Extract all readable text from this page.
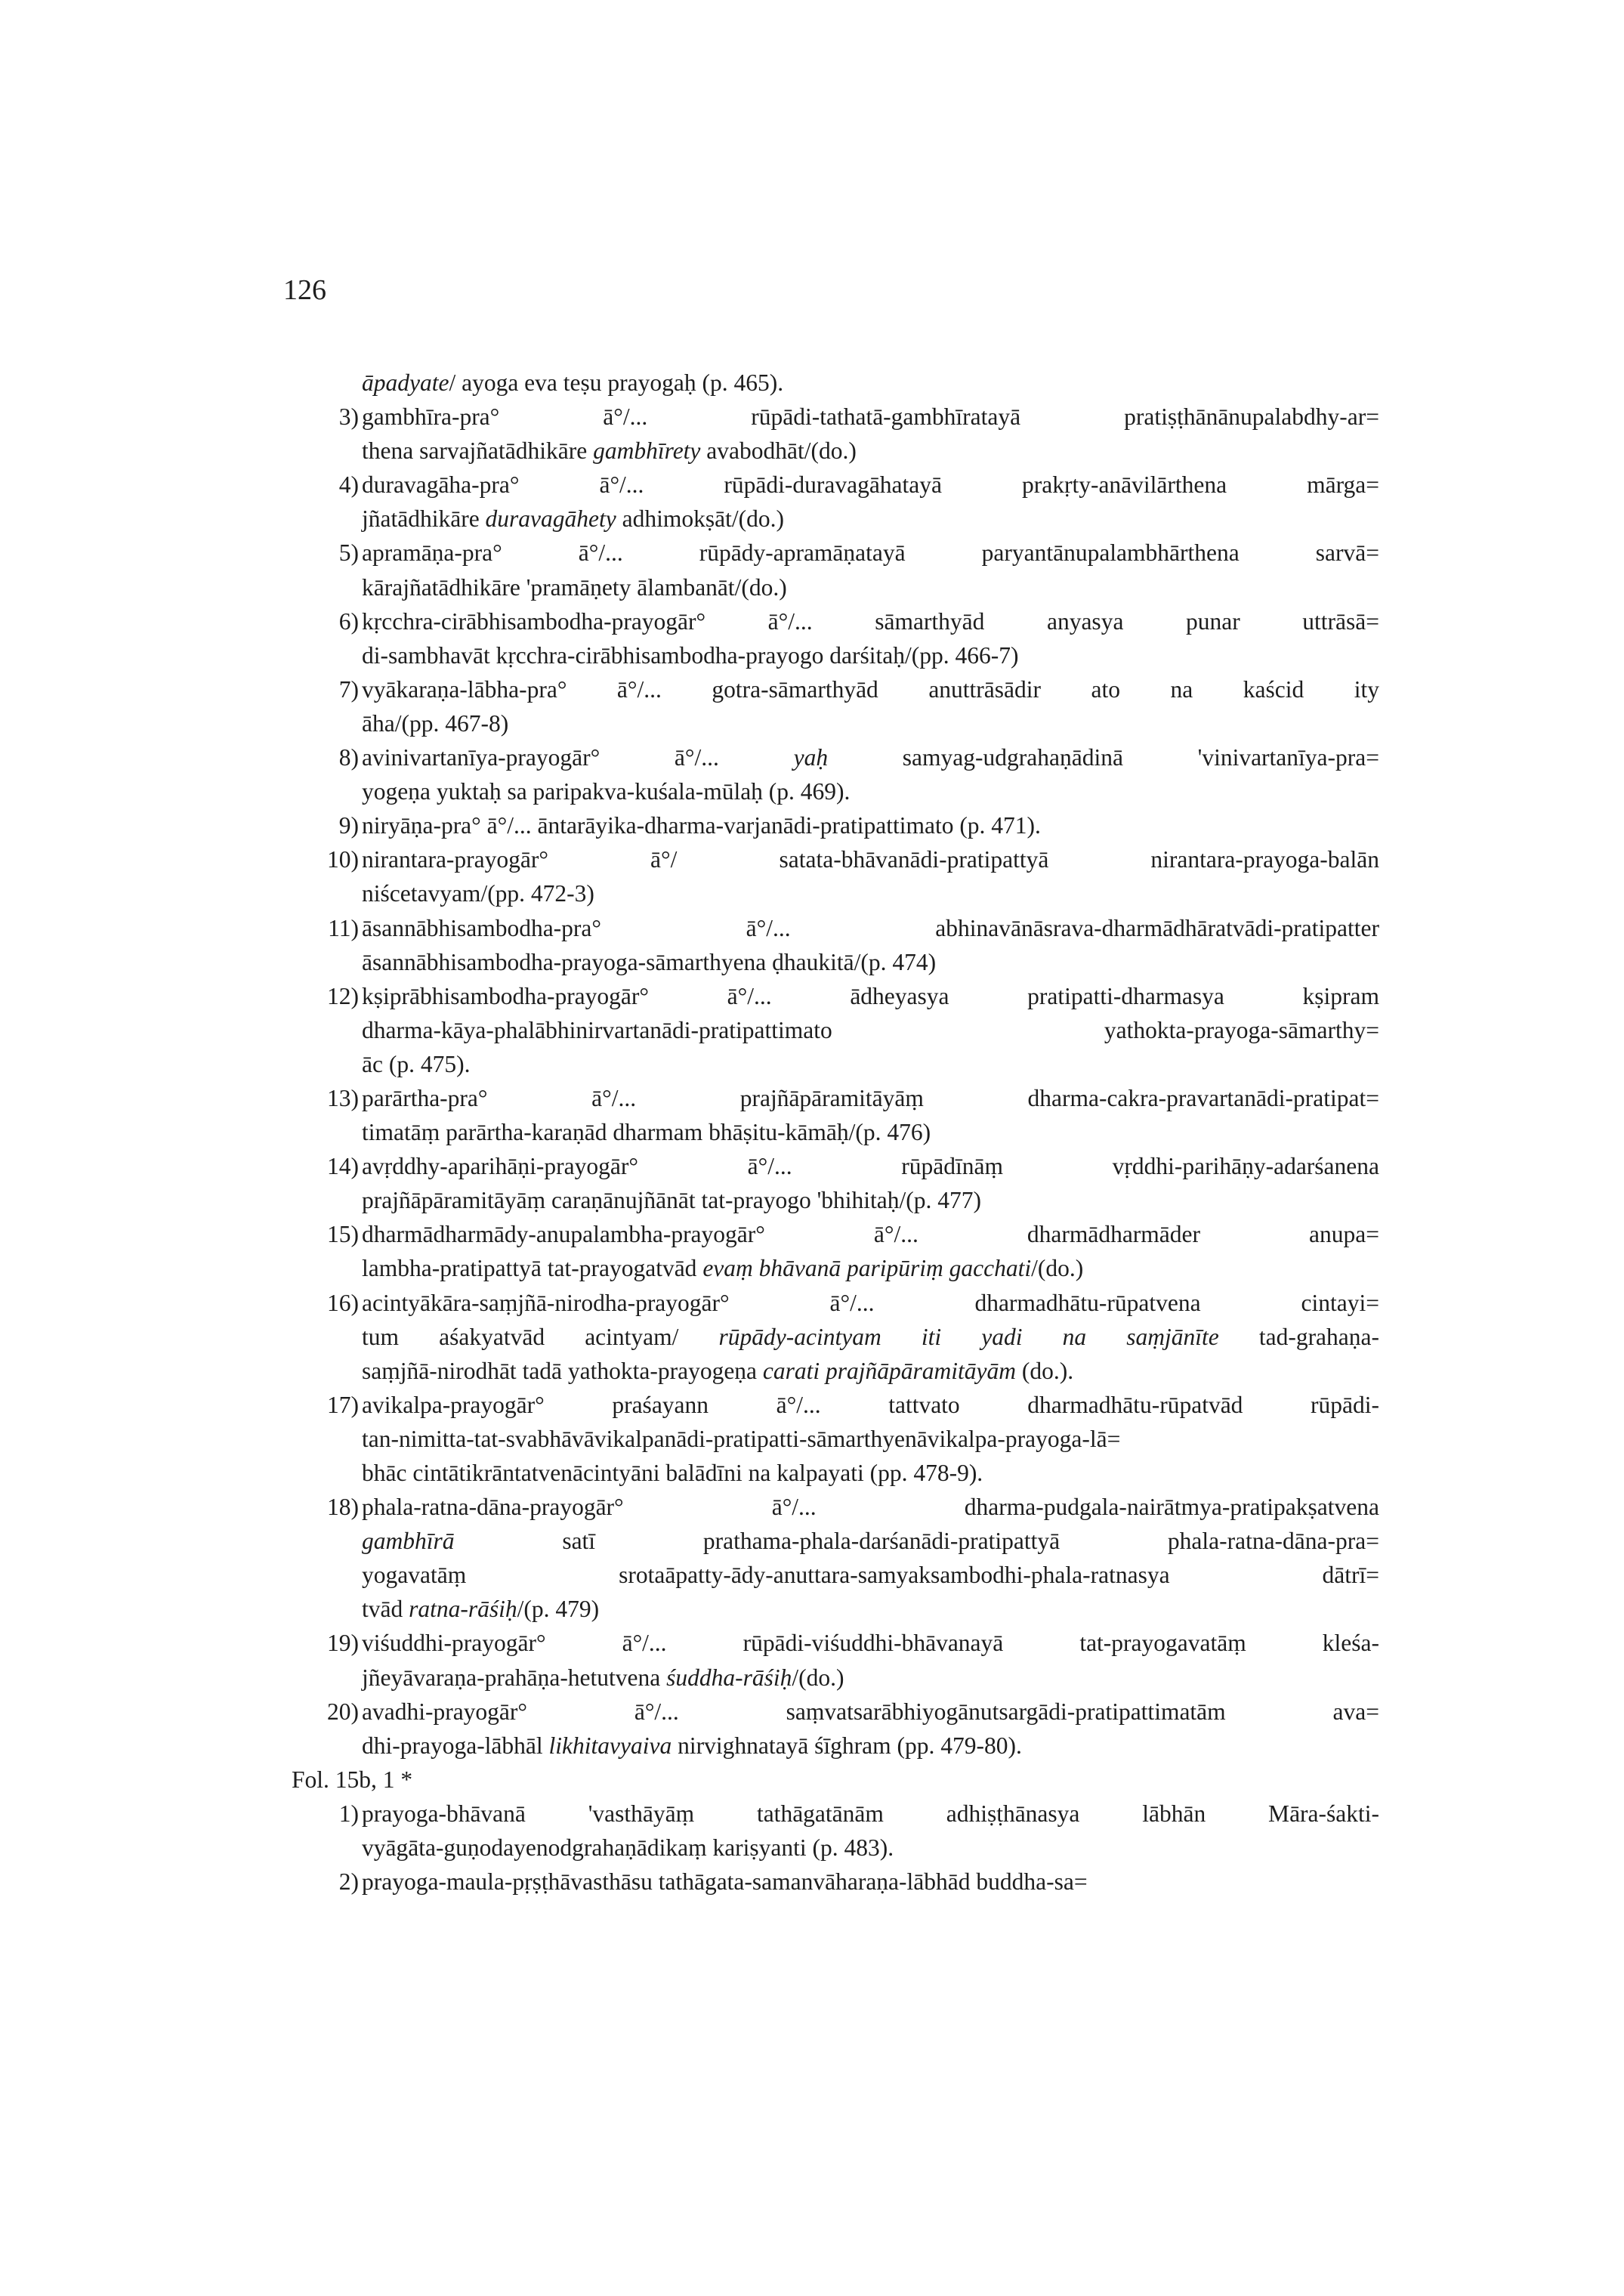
126
āpadyate/ ayoga eva teṣu prayogaḥ (p. 465).
3) gambhīra-pra° ā°/... rūpādi-tathatā-gambhīratayā pratiṣṭhānānupalabdhy-ar=
thena sarvajñatādhikāre gambhīrety avabodhāt/(do.)
4) duravagāha-pra° ā°/... rūpādi-duravagāhatayā prakṛty-anāvilārthena mārga=
jñatādhikāre duravagāhety adhimokṣāt/(do.)
5) apramāṇa-pra° ā°/... rūpādy-apramāṇatayā paryantānupalambhārthena sarvā=
kārajñatādhikāre 'pramāṇety ālambanāt/(do.)
6) kṛcchra-cirābhisambodha-prayogār° ā°/... sāmarthyād anyasya punar uttrāsā=
di-sambhavāt kṛcchra-cirābhisambodha-prayogo darśitaḥ/(pp. 466-7)
7) vyākaraṇa-lābha-pra° ā°/... gotra-sāmarthyād anuttrāsādir ato na kaścid ity
āha/(pp. 467-8)
8) avinivartanīya-prayogār° ā°/... yaḥ samyag-udgrahaṇādinā 'vinivartanīya-pra=
yogeṇa yuktaḥ sa paripakva-kuśala-mūlaḥ (p. 469).
9) niryāṇa-pra° ā°/... āntarāyika-dharma-varjanādi-pratipattimato (p. 471).
10) nirantara-prayogār° ā°/ satata-bhāvanādi-pratipattyā nirantara-prayoga-balān
niścetavyam/(pp. 472-3)
11) āsannābhisambodha-pra° ā°/... abhinavānāsrava-dharmādhāratvādi-pratipatter
āsannābhisambodha-prayoga-sāmarthyena ḍhaukitā/(p. 474)
12) kṣiprābhisambodha-prayogār° ā°/... ādheyasya pratipatti-dharmasya kṣipram
dharma-kāya-phalābhinirvartanādi-pratipattimato yathokta-prayoga-sāmarthy=
āc (p. 475).
13) parārtha-pra° ā°/... prajñāpāramitāyāṃ dharma-cakra-pravartanādi-pratipat=
timatāṃ parārtha-karaṇād dharmam bhāṣitu-kāmāḥ/(p. 476)
14) avṛddhy-aparihāṇi-prayogār° ā°/... rūpādīnāṃ vṛddhi-parihāṇy-adarśanena
prajñāpāramitāyāṃ caraṇānujñānāt tat-prayogo 'bhihitaḥ/(p. 477)
15) dharmādharmādy-anupalambha-prayogār° ā°/... dharmādharmāder anupa=
lambha-pratipattyā tat-prayogatvād evaṃ bhāvanā paripūriṃ gacchati/(do.)
16) acintyākāra-saṃjñā-nirodha-prayogār° ā°/... dharmadhātu-rūpatvena cintayi=
tum aśakyatvād acintyam/ rūpādy-acintyam iti yadi na saṃjānīte tad-grahaṇa-
saṃjñā-nirodhāt tadā yathokta-prayogeṇa carati prajñāpāramitāyām (do.).
17) avikalpa-prayogār° praśayann ā°/... tattvato dharmadhātu-rūpatvād rūpādi-
tan-nimitta-tat-svabhāvāvikalpanādi-pratipatti-sāmarthyenāvikalpa-prayoga-lā=
bhāc cintātikrāntatvenācintyāni balādīni na kalpayati (pp. 478-9).
18) phala-ratna-dāna-prayogār° ā°/... dharma-pudgala-nairātmya-pratipakṣatvena
gambhīrā satī prathama-phala-darśanādi-pratipattyā phala-ratna-dāna-pra=
yogavatāṃ srotaāpatty-ādy-anuttara-samyaksambodhi-phala-ratnasya dātrī=
tvād ratna-rāśiḥ/(p. 479)
19) viśuddhi-prayogār° ā°/... rūpādi-viśuddhi-bhāvanayā tat-prayogavatāṃ kleśa-
jñeyāvaraṇa-prahāṇa-hetutvena śuddha-rāśiḥ/(do.)
20) avadhi-prayogār° ā°/... saṃvatsarābhiyogānutsargādi-pratipattimatām ava=
dhi-prayoga-lābhāl likhitavyaiva nirvighnatayā śīghram (pp. 479-80).
Fol. 15b, 1 *
1) prayoga-bhāvanā 'vasthāyāṃ tathāgatānām adhiṣṭhānasya lābhān Māra-śakti-
vyāgāta-guṇodayenodgrahaṇādikaṃ kariṣyanti (p. 483).
2) prayoga-maula-pṛṣṭhāvasthāsu tathāgata-samanvāharaṇa-lābhād buddha-sa=
